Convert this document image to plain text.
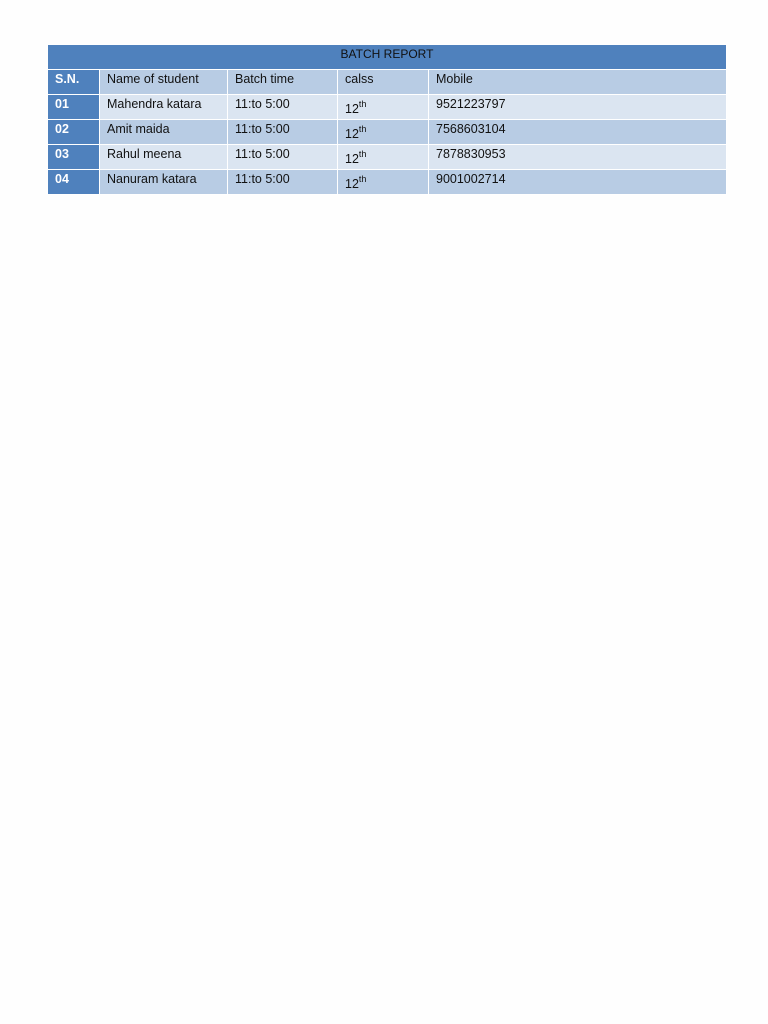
BATCH REPORT				
S.N.	Name of student	Batch time	calss	Mobile
01	Mahendra katara	11:to 5:00	12th	9521223797
02	Amit maida	11:to 5:00	12th	7568603104
03	Rahul meena	11:to 5:00	12th	7878830953
04	Nanuram katara	11:to 5:00	12th	9001002714
